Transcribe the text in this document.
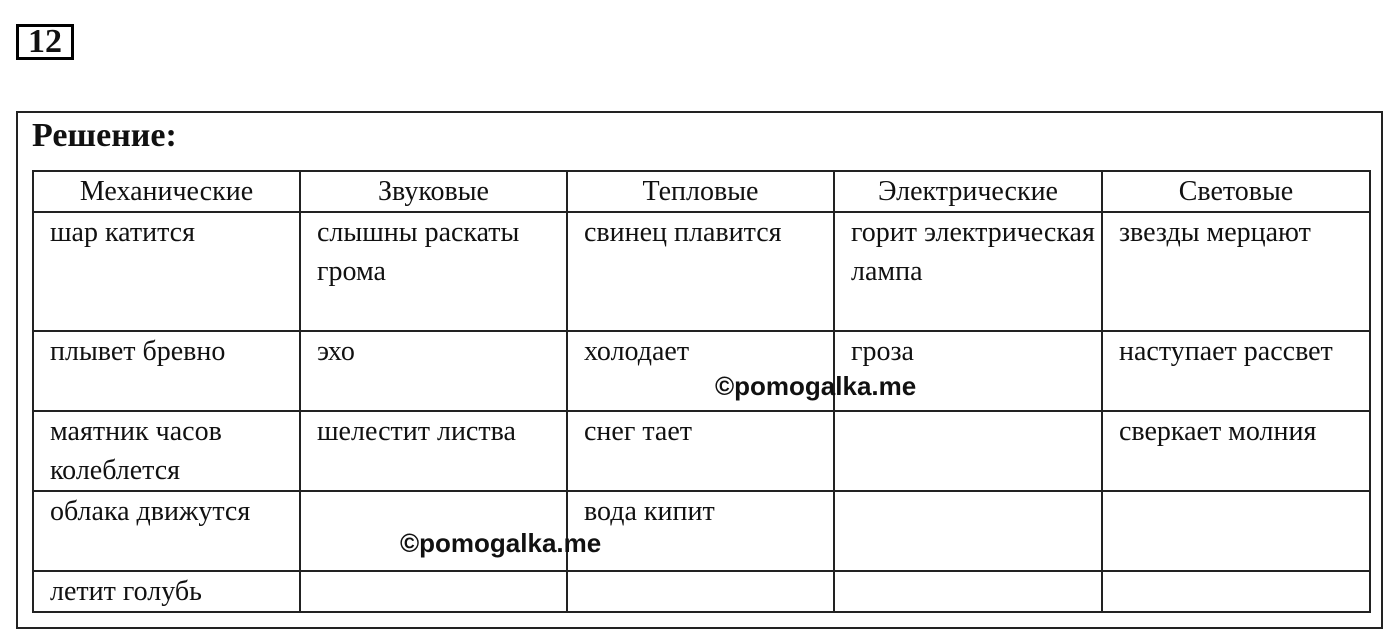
12
Решение:
Механические	Звуковые	Тепловые	Электрические	Световые
шар катится	слышны раскаты грома	свинец плавится	горит электрическая лампа	звезды мерцают
плывет бревно	эхо	холодает	гроза	наступает рассвет
маятник часов колеблется	шелестит листва	снег тает		сверкает молния
облака движутся		вода кипит		
летит голубь				
©pomogalka.me
©pomogalka.me
